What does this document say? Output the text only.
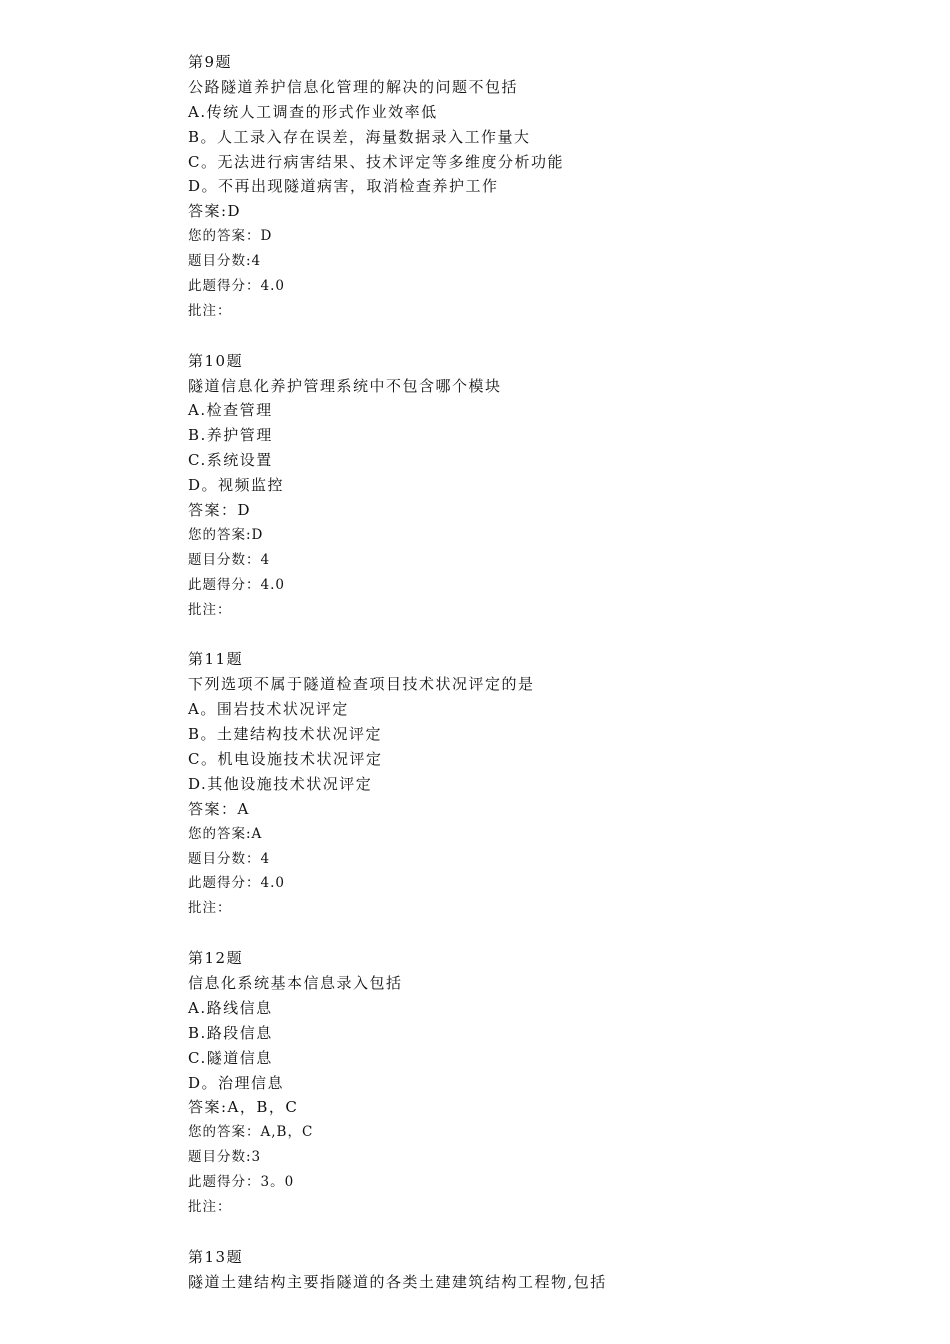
第9题
公路隧道养护信息化管理的解决的问题不包括
A.传统人工调查的形式作业效率低
B。人工录入存在误差，海量数据录入工作量大
C。无法进行病害结果、技术评定等多维度分析功能
D。不再出现隧道病害，取消检查养护工作
答案:D
您的答案：D
题目分数:4
此题得分：4.0
批注：
第10题
隧道信息化养护管理系统中不包含哪个模块
A.检查管理
B.养护管理
C.系统设置
D。视频监控
答案：D
您的答案:D
题目分数：4
此题得分：4.0
批注：
第11题
下列选项不属于隧道检查项目技术状况评定的是
A。围岩技术状况评定
B。土建结构技术状况评定
C。机电设施技术状况评定
D.其他设施技术状况评定
答案：A
您的答案:A
题目分数：4
此题得分：4.0
批注：
第12题
信息化系统基本信息录入包括
A.路线信息
B.路段信息
C.隧道信息
D。治理信息
答案:A，B，C
您的答案：A,B，C
题目分数:3
此题得分：3。0
批注：
第13题
隧道土建结构主要指隧道的各类土建建筑结构工程物,包括
